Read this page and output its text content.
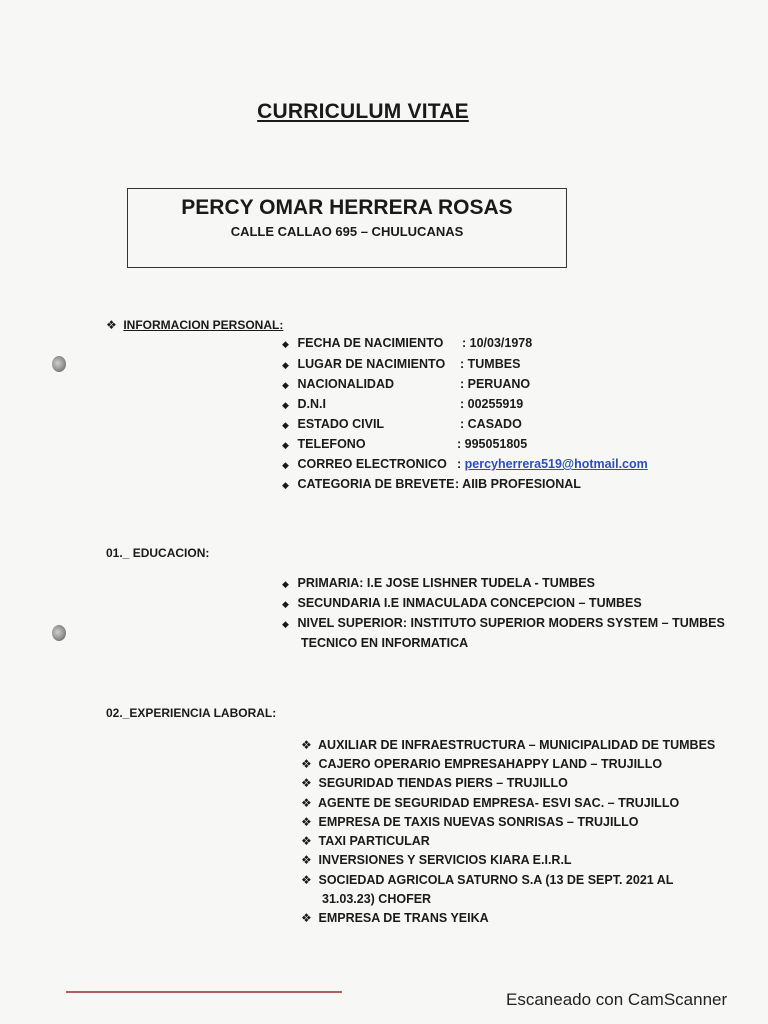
CURRICULUM VITAE
PERCY OMAR HERRERA ROSAS
CALLE CALLAO 695 – CHULUCANAS
❖ INFORMACION PERSONAL:
◆ FECHA DE NACIMIENTO : 10/03/1978
◆ LUGAR DE NACIMIENTO : TUMBES
◆ NACIONALIDAD	: PERUANO
◆ D.N.I	: 00255919
◆ ESTADO CIVIL	: CASADO
◆ TELEFONO	: 995051805
◆ CORREO ELECTRONICO : percyherrera519@hotmail.com
◆ CATEGORIA DE BREVETE : AIIB PROFESIONAL
01._ EDUCACION:
◆ PRIMARIA: I.E JOSE LISHNER TUDELA - TUMBES
◆ SECUNDARIA I.E INMACULADA CONCEPCION – TUMBES
◆ NIVEL SUPERIOR: INSTITUTO SUPERIOR MODERS SYSTEM – TUMBES
TECNICO EN INFORMATICA
02._EXPERIENCIA LABORAL:
❖ AUXILIAR DE INFRAESTRUCTURA – MUNICIPALIDAD DE TUMBES
❖ CAJERO OPERARIO EMPRESAHAPPY LAND – TRUJILLO
❖ SEGURIDAD TIENDAS PIERS – TRUJILLO
❖ AGENTE DE SEGURIDAD EMPRESA- ESVI SAC. – TRUJILLO
❖ EMPRESA DE TAXIS NUEVAS SONRISAS – TRUJILLO
❖ TAXI PARTICULAR
❖ INVERSIONES Y SERVICIOS KIARA E.I.R.L
❖ SOCIEDAD AGRICOLA SATURNO S.A (13 DE SEPT. 2021 AL
31.03.23) CHOFER
❖ EMPRESA DE TRANS YEIKA
Escaneado con CamScanner
